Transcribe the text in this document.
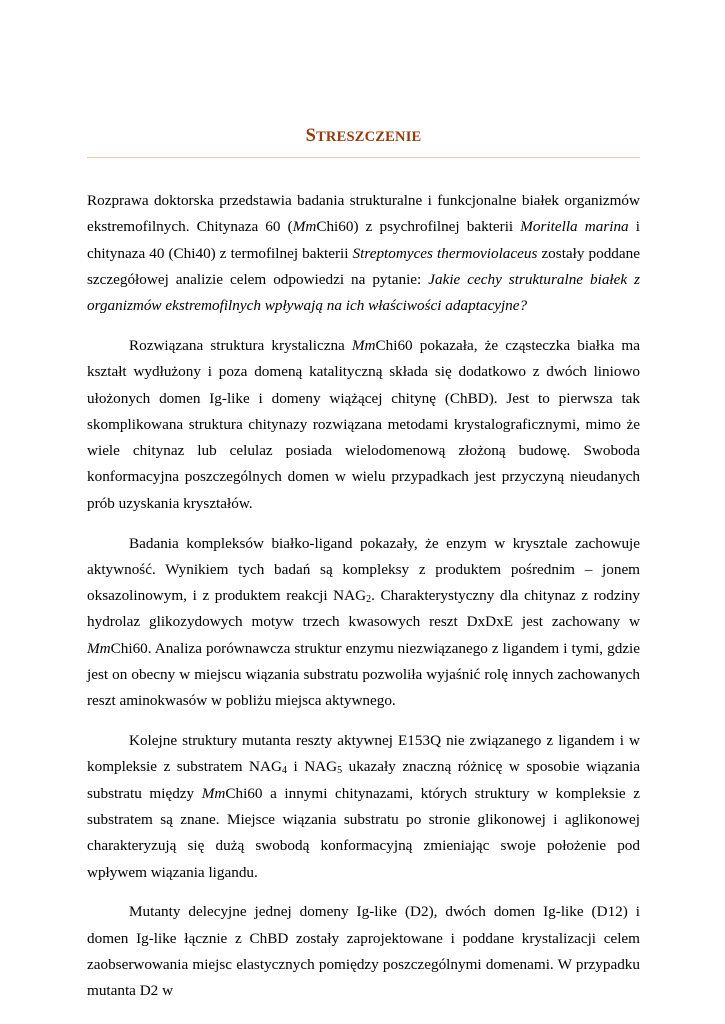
STRESZCZENIE

Rozprawa doktorska przedstawia badania strukturalne i funkcjonalne białek organizmów ekstremofilnych. Chitynaza 60 (MmChi60) z psychrofilnej bakterii Moritella marina i chitynaza 40 (Chi40) z termofilnej bakterii Streptomyces thermoviolaceus zostały poddane szczegółowej analizie celem odpowiedzi na pytanie: Jakie cechy strukturalne białek z organizmów ekstremofilnych wpływają na ich właściwości adaptacyjne?

Rozwiązana struktura krystaliczna MmChi60 pokazała, że cząsteczka białka ma kształt wydłużony i poza domeną katalityczną składa się dodatkowo z dwóch liniowo ułożonych domen Ig-like i domeny wiążącej chitynę (ChBD). Jest to pierwsza tak skomplikowana struktura chitynazy rozwiązana metodami krystalograficznymi, mimo że wiele chitynaz lub celulaz posiada wielodomenową złożoną budowę. Swoboda konformacyjna poszczególnych domen w wielu przypadkach jest przyczyną nieudanych prób uzyskania kryształów.

Badania kompleksów białko-ligand pokazały, że enzym w krysztale zachowuje aktywność. Wynikiem tych badań są kompleksy z produktem pośrednim – jonem oksazolinowym, i z produktem reakcji $NAG_2$. Charakterystyczny dla chitynaz z rodziny hydrolaz glikozydowych motyw trzech kwasowych reszt DxDxE jest zachowany w MmChi60. Analiza porównawcza struktur enzymu niezwiązanego z ligandem i tymi, gdzie jest on obecny w miejscu wiązania substratu pozwoliła wyjaśnić rolę innych zachowanych reszt aminokwasów w pobliżu miejsca aktywnego.

Kolejne struktury mutanta reszty aktywnej E153Q nie związanego z ligandem i w kompleksie z substratem $NAG_4$ i $NAG_5$ ukazały znaczną różnicę w sposobie wiązania substratu między MmChi60 a innymi chitynazami, których struktury w kompleksie z substratem są znane. Miejsce wiązania substratu po stronie glikonowej i aglikonowej charakteryzują się dużą swobodą konformacyjną zmieniając swoje położenie pod wpływem wiązania ligandu.

Mutanty delecyjne jednej domeny Ig-like (D2), dwóch domen Ig-like (D12) i domen Ig-like łącznie z ChBD zostały zaprojektowane i poddane krystalizacji celem zaobserwowania miejsc elastycznych pomiędzy poszczególnymi domenami. W przypadku mutanta D2 w
